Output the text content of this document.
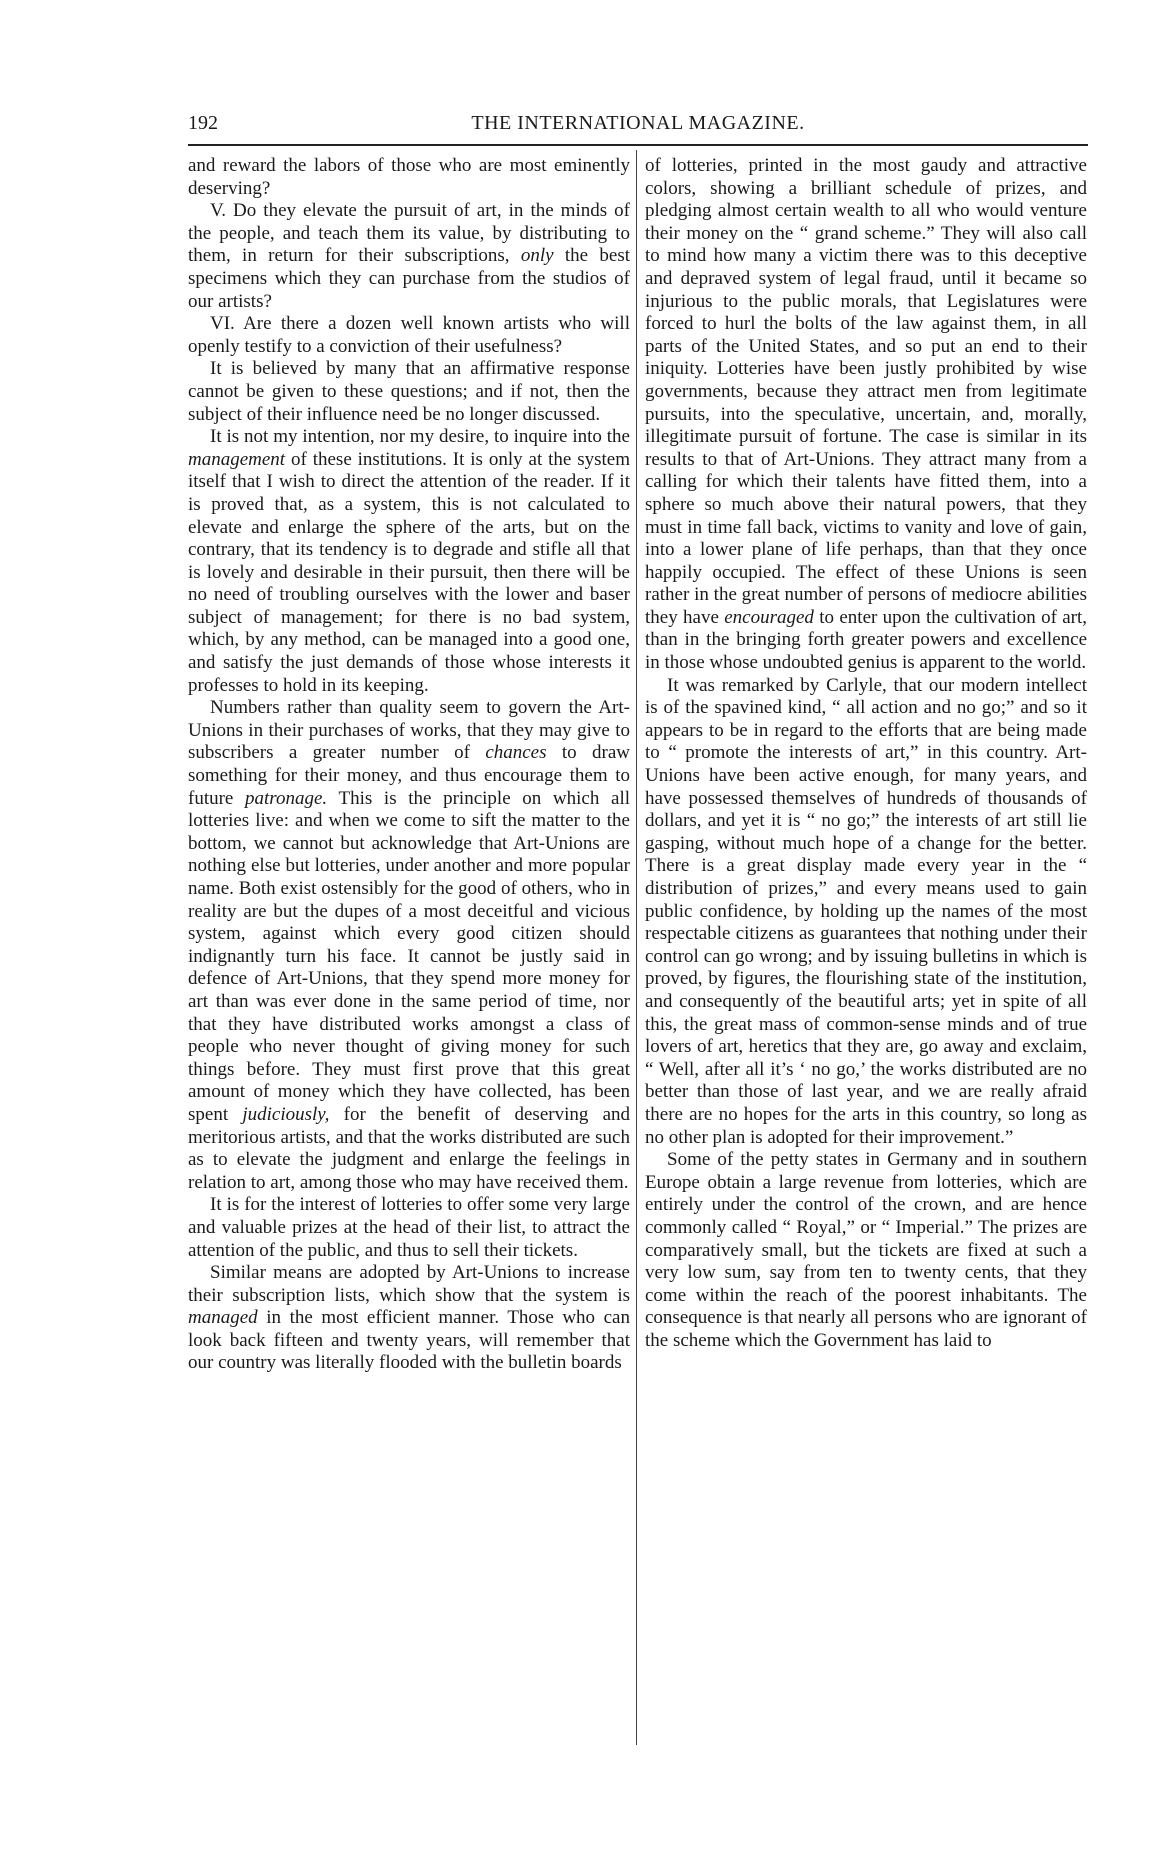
192	THE INTERNATIONAL MAGAZINE.

and reward the labors of those who are most eminently deserving?

V. Do they elevate the pursuit of art, in the minds of the people, and teach them its value, by distributing to them, in return for their subscriptions, only the best specimens which they can purchase from the studios of our artists?

VI. Are there a dozen well known artists who will openly testify to a conviction of their usefulness?

It is believed by many that an affirmative response cannot be given to these questions; and if not, then the subject of their influence need be no longer discussed.

It is not my intention, nor my desire, to inquire into the management of these institutions. It is only at the system itself that I wish to direct the attention of the reader. If it is proved that, as a system, this is not calculated to elevate and enlarge the sphere of the arts, but on the contrary, that its tendency is to degrade and stifle all that is lovely and desirable in their pursuit, then there will be no need of troubling ourselves with the lower and baser subject of management; for there is no bad system, which, by any method, can be managed into a good one, and satisfy the just demands of those whose interests it professes to hold in its keeping.

Numbers rather than quality seem to govern the Art-Unions in their purchases of works, that they may give to subscribers a greater number of chances to draw something for their money, and thus encourage them to future patronage. This is the principle on which all lotteries live: and when we come to sift the matter to the bottom, we cannot but acknowledge that Art-Unions are nothing else but lotteries, under another and more popular name. Both exist ostensibly for the good of others, who in reality are but the dupes of a most deceitful and vicious system, against which every good citizen should indignantly turn his face. It cannot be justly said in defence of Art-Unions, that they spend more money for art than was ever done in the same period of time, nor that they have distributed works amongst a class of people who never thought of giving money for such things before. They must first prove that this great amount of money which they have collected, has been spent judiciously, for the benefit of deserving and meritorious artists, and that the works distributed are such as to elevate the judgment and enlarge the feelings in relation to art, among those who may have received them.

It is for the interest of lotteries to offer some very large and valuable prizes at the head of their list, to attract the attention of the public, and thus to sell their tickets.

Similar means are adopted by Art-Unions to increase their subscription lists, which show that the system is managed in the most efficient manner. Those who can look back fifteen and twenty years, will remember that our country was literally flooded with the bulletin boards

of lotteries, printed in the most gaudy and attractive colors, showing a brilliant schedule of prizes, and pledging almost certain wealth to all who would venture their money on the “ grand scheme.” They will also call to mind how many a victim there was to this deceptive and depraved system of legal fraud, until it became so injurious to the public morals, that Legislatures were forced to hurl the bolts of the law against them, in all parts of the United States, and so put an end to their iniquity. Lotteries have been justly prohibited by wise governments, because they attract men from legitimate pursuits, into the speculative, uncertain, and, morally, illegitimate pursuit of fortune. The case is similar in its results to that of Art-Unions. They attract many from a calling for which their talents have fitted them, into a sphere so much above their natural powers, that they must in time fall back, victims to vanity and love of gain, into a lower plane of life perhaps, than that they once happily occupied. The effect of these Unions is seen rather in the great number of persons of mediocre abilities they have encouraged to enter upon the cultivation of art, than in the bringing forth greater powers and excellence in those whose undoubted genius is apparent to the world.

It was remarked by Carlyle, that our modern intellect is of the spavined kind, “ all action and no go;” and so it appears to be in regard to the efforts that are being made to “ promote the interests of art,” in this country. Art-Unions have been active enough, for many years, and have possessed themselves of hundreds of thousands of dollars, and yet it is “ no go;” the interests of art still lie gasping, without much hope of a change for the better. There is a great display made every year in the “ distribution of prizes,” and every means used to gain public confidence, by holding up the names of the most respectable citizens as guarantees that nothing under their control can go wrong; and by issuing bulletins in which is proved, by figures, the flourishing state of the institution, and consequently of the beautiful arts; yet in spite of all this, the great mass of common-sense minds and of true lovers of art, heretics that they are, go away and exclaim, “ Well, after all it’s ‘ no go,’ the works distributed are no better than those of last year, and we are really afraid there are no hopes for the arts in this country, so long as no other plan is adopted for their improvement.”

Some of the petty states in Germany and in southern Europe obtain a large revenue from lotteries, which are entirely under the control of the crown, and are hence commonly called “ Royal,” or “ Imperial.” The prizes are comparatively small, but the tickets are fixed at such a very low sum, say from ten to twenty cents, that they come within the reach of the poorest inhabitants. The consequence is that nearly all persons who are ignorant of the scheme which the Government has laid to
